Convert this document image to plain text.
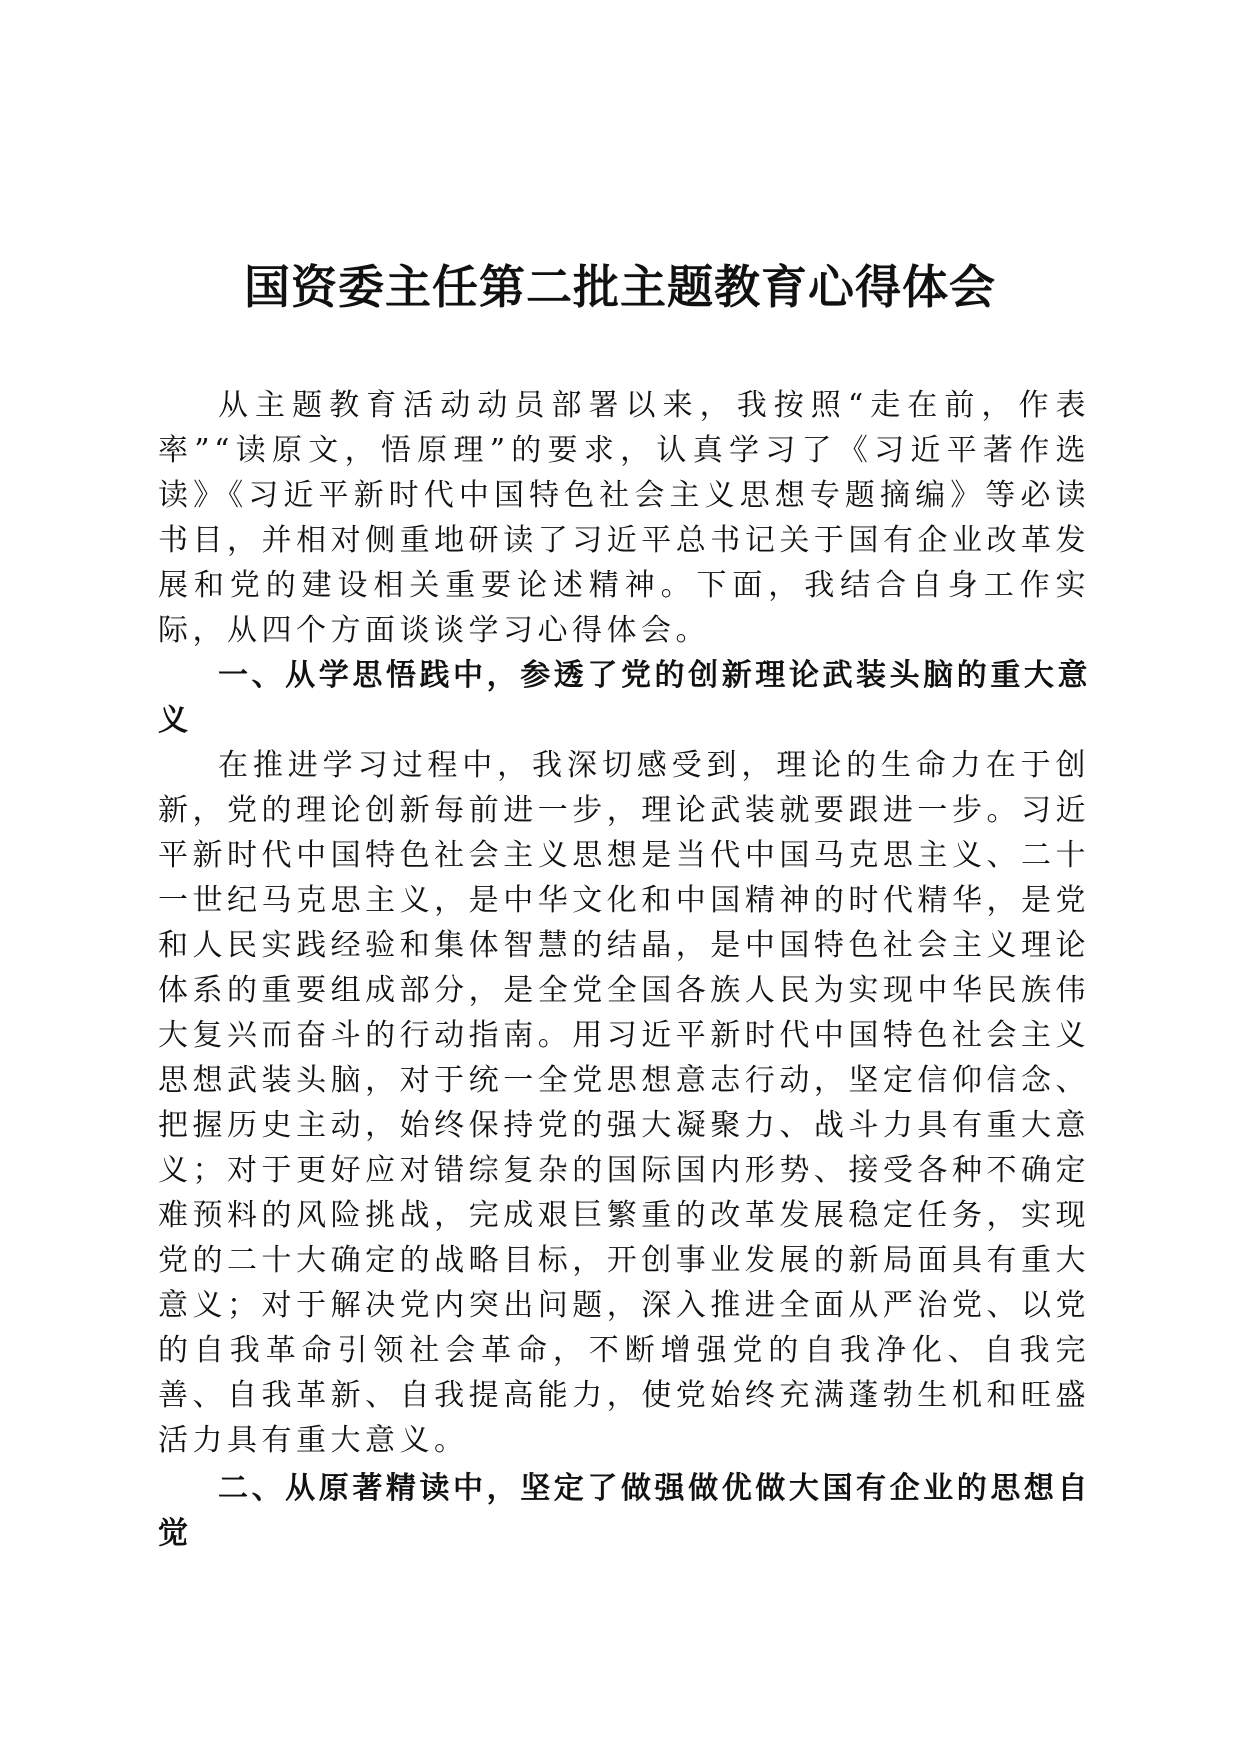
国资委主任第二批主题教育心得体会

从主题教育活动动员部署以来，我按照“走在前，作表率”“读原文，悟原理”的要求，认真学习了《习近平著作选读》《习近平新时代中国特色社会主义思想专题摘编》等必读书目，并相对侧重地研读了习近平总书记关于国有企业改革发展和党的建设相关重要论述精神。下面，我结合自身工作实际，从四个方面谈谈学习心得体会。

一、从学思悟践中，参透了党的创新理论武装头脑的重大意义

在推进学习过程中，我深切感受到，理论的生命力在于创新，党的理论创新每前进一步，理论武装就要跟进一步。习近平新时代中国特色社会主义思想是当代中国马克思主义、二十一世纪马克思主义，是中华文化和中国精神的时代精华，是党和人民实践经验和集体智慧的结晶，是中国特色社会主义理论体系的重要组成部分，是全党全国各族人民为实现中华民族伟大复兴而奋斗的行动指南。用习近平新时代中国特色社会主义思想武装头脑，对于统一全党思想意志行动，坚定信仰信念、把握历史主动，始终保持党的强大凝聚力、战斗力具有重大意义；对于更好应对错综复杂的国际国内形势、接受各种不确定难预料的风险挑战，完成艰巨繁重的改革发展稳定任务，实现党的二十大确定的战略目标，开创事业发展的新局面具有重大意义；对于解决党内突出问题，深入推进全面从严治党、以党的自我革命引领社会革命，不断增强党的自我净化、自我完善、自我革新、自我提高能力，使党始终充满蓬勃生机和旺盛活力具有重大意义。

二、从原著精读中，坚定了做强做优做大国有企业的思想自觉
